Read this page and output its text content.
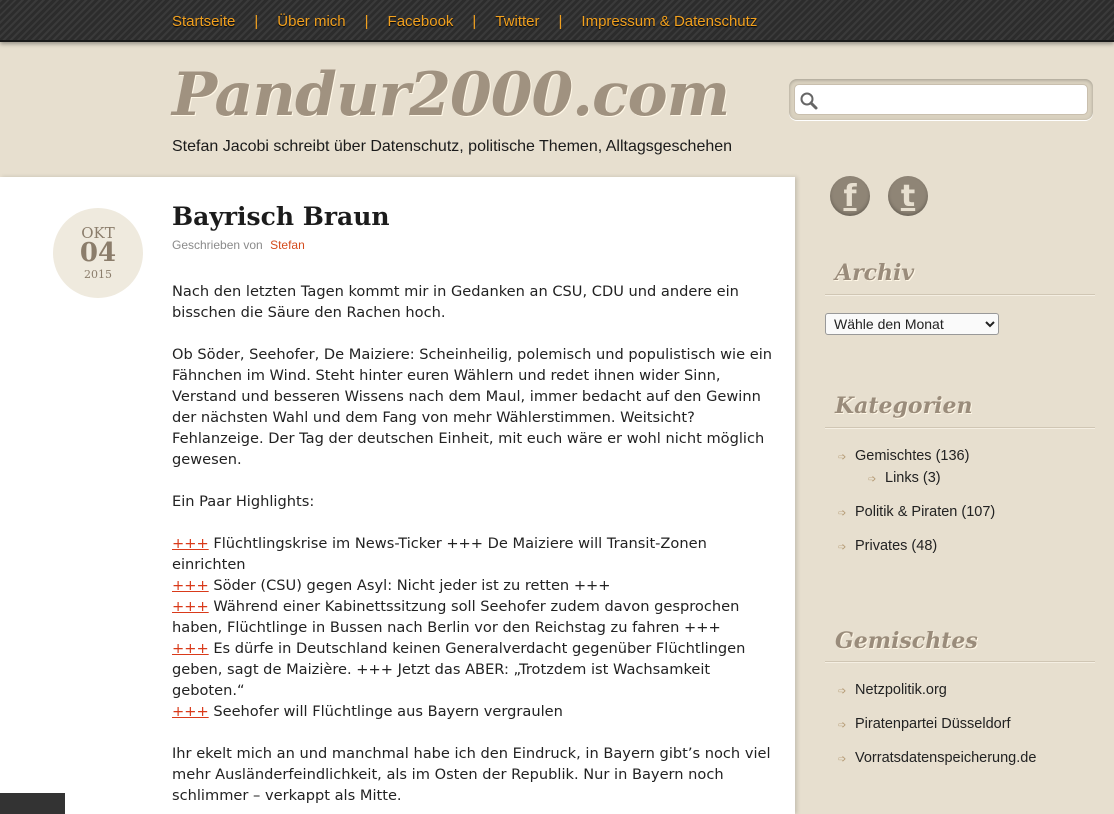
Startseite | Über mich | Facebook | Twitter | Impressum & Datenschutz
Pandur2000.com
Stefan Jacobi schreibt über Datenschutz, politische Themen, Alltagsgeschehen
OKT
04
2015
Bayrisch Braun
Geschrieben von Stefan

Nach den letzten Tagen kommt mir in Gedanken an CSU, CDU und andere ein bisschen die Säure den Rachen hoch.

Ob Söder, Seehofer, De Maiziere: Scheinheilig, polemisch und populistisch wie ein Fähnchen im Wind. Steht hinter euren Wählern und redet ihnen wider Sinn, Verstand und besseren Wissens nach dem Maul, immer bedacht auf den Gewinn der nächsten Wahl und dem Fang von mehr Wählerstimmen. Weitsicht? Fehlanzeige. Der Tag der deutschen Einheit, mit euch wäre er wohl nicht möglich gewesen.

Ein Paar Highlights:

+++ Flüchtlingskrise im News-Ticker +++ De Maiziere will Transit-Zonen einrichten
+++ Söder (CSU) gegen Asyl: Nicht jeder ist zu retten +++
+++ Während einer Kabinettssitzung soll Seehofer zudem davon gesprochen haben, Flüchtlinge in Bussen nach Berlin vor den Reichstag zu fahren +++
+++ Es dürfe in Deutschland keinen Generalverdacht gegenüber Flüchtlingen geben, sagt de Maizière. +++ Jetzt das ABER: „Trotzdem ist Wachsamkeit geboten.“
+++ Seehofer will Flüchtlinge aus Bayern vergraulen

Ihr ekelt mich an und manchmal habe ich den Eindruck, in Bayern gibt’s noch viel mehr Ausländerfeindlichkeit, als im Osten der Republik. Nur in Bayern noch schlimmer – verkappt als Mitte.

f	t
Archiv
Wähle den Monat
Kategorien
➩ Gemischtes (136)
➩ Links (3)
➩ Politik & Piraten (107)
➩ Privates (48)
Gemischtes
➩ Netzpolitik.org
➩ Piratenpartei Düsseldorf
➩ Vorratsdatenspeicherung.de
